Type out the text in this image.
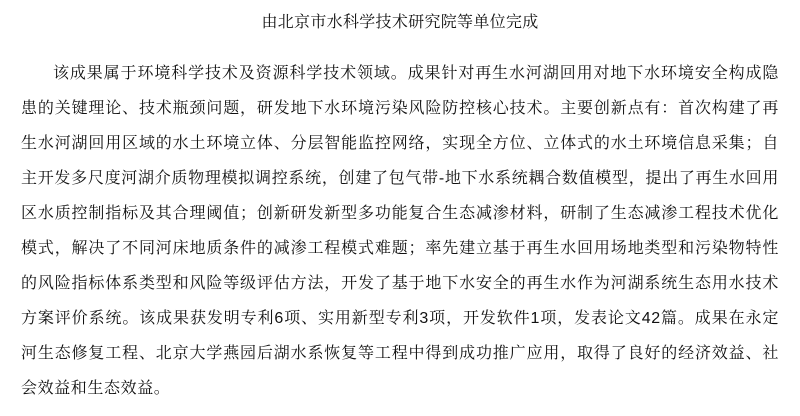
由北京市水科学技术研究院等单位完成

该成果属于环境科学技术及资源科学技术领域。成果针对再生水河湖回用对地下水环境安全构成隐患的关键理论、技术瓶颈问题，研发地下水环境污染风险防控核心技术。主要创新点有：首次构建了再生水河湖回用区域的水土环境立体、分层智能监控网络，实现全方位、立体式的水土环境信息采集；自主开发多尺度河湖介质物理模拟调控系统，创建了包气带-地下水系统耦合数值模型，提出了再生水回用区水质控制指标及其合理阈值；创新研发新型多功能复合生态减渗材料，研制了生态减渗工程技术优化模式，解决了不同河床地质条件的减渗工程模式难题；率先建立基于再生水回用场地类型和污染物特性的风险指标体系类型和风险等级评估方法，开发了基于地下水安全的再生水作为河湖系统生态用水技术方案评价系统。该成果获发明专利6项、实用新型专利3项，开发软件1项，发表论文42篇。成果在永定河生态修复工程、北京大学燕园后湖水系恢复等工程中得到成功推广应用，取得了良好的经济效益、社会效益和生态效益。
